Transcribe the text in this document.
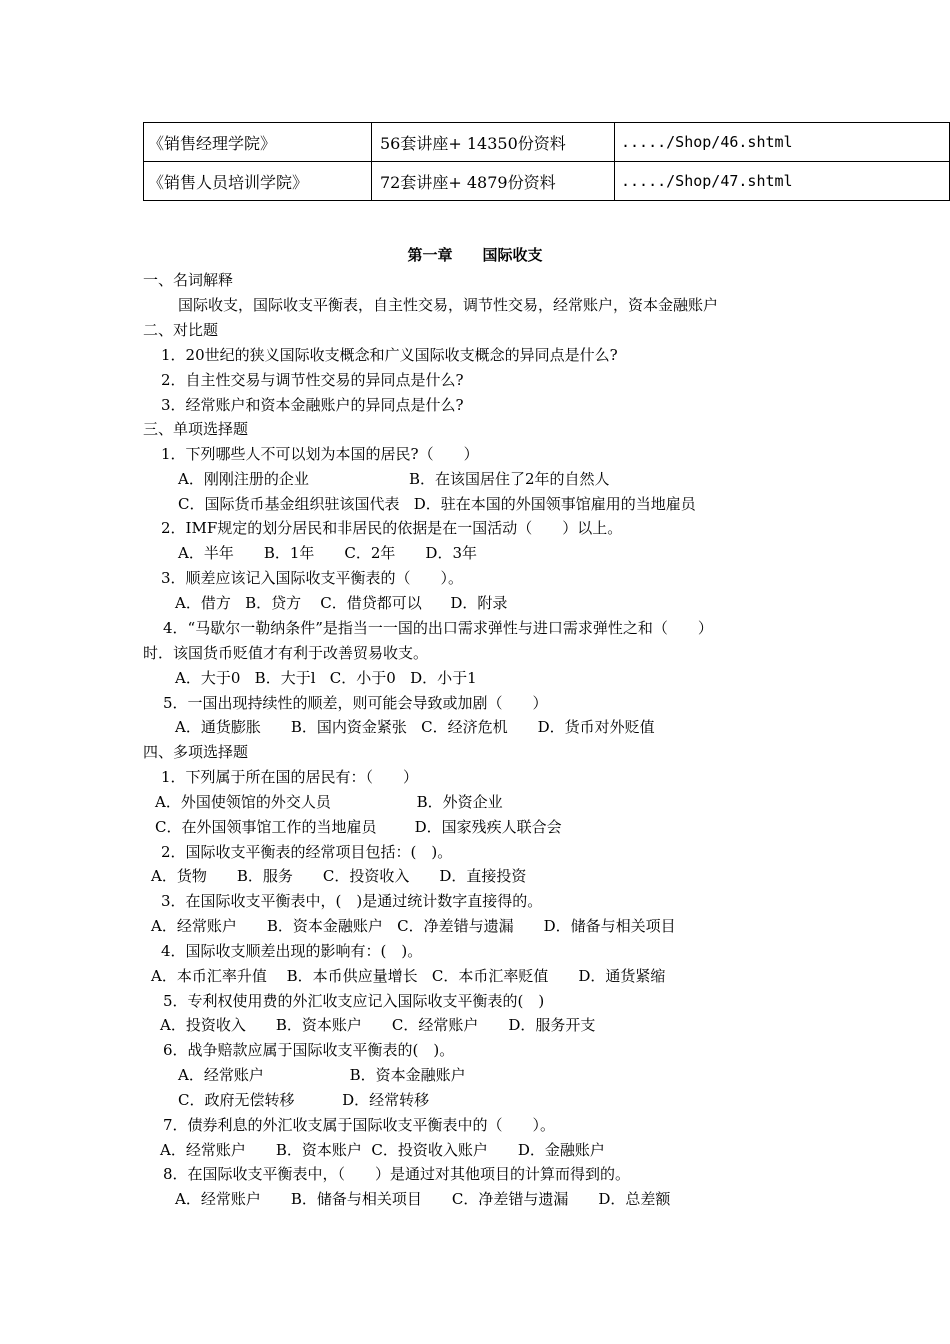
《销售经理学院》	56套讲座+ 14350份资料	...../Shop/46.shtml
《销售人员培训学院》	72套讲座+ 4879份资料	...../Shop/47.shtml
第一章　　国际收支
一、名词解释
国际收支，国际收支平衡表，自主性交易，调节性交易，经常账户，资本金融账户
二、对比题
1．20世纪的狭义国际收支概念和广义国际收支概念的异同点是什么?
2．自主性交易与调节性交易的异同点是什么?
3．经常账户和资本金融账户的异同点是什么?
三、单项选择题
1．下列哪些人不可以划为本国的居民?（　　）
A．刚刚注册的企业                     B．在该国居住了2年的自然人
C．国际货币基金组织驻该国代表   D．驻在本国的外国领事馆雇用的当地雇员
2．IMF规定的划分居民和非居民的依据是在一国活动（　　）以上。
A．半年　　B．1年　　C．2年　　D．3年
3．顺差应该记入国际收支平衡表的（　　）。
A．借方   B．贷方    C．借贷都可以      D．附录
4．“马歇尔一勒纳条件”是指当一一国的出口需求弹性与进口需求弹性之和（　　）
时．该国货币贬值才有利于改善贸易收支。
A．大于0   B．大于l   C．小于0   D．小于1
5．一国出现持续性的顺差，则可能会导致或加剧（　　）
A．通货膨胀　　B．国内资金紧张   C．经济危机　　D．货币对外贬值
四、多项选择题
1．下列属于所在国的居民有：（　　）
A．外国使领馆的外交人员                  B．外资企业
C．在外国领事馆工作的当地雇员        D．国家残疾人联合会
2．国际收支平衡表的经常项目包括：(　)。
A．货物　　B．服务　　C．投资收入　　D．直接投资
3．在国际收支平衡表中，(　)是通过统计数字直接得的。
A．经常账户　　B．资本金融账户   C．净差错与遗漏　　D．储备与相关项目
4．国际收支顺差出现的影响有：(　)。
A．本币汇率升值　 B．本币供应量增长   C．本币汇率贬值　　D．通货紧缩
5．专利权使用费的外汇收支应记入国际收支平衡表的(　)
A．投资收入　　B．资本账户　　C．经常账户　　D．服务开支
6．战争赔款应属于国际收支平衡表的(　)。
A．经常账户                  B．资本金融账户
C．政府无偿转移          D．经常转移
7．债券利息的外汇收支属于国际收支平衡表中的（　　）。
A．经常账户　　B．资本账户  C．投资收入账户　　D．金融账户
8．在国际收支平衡表中，（　　）是通过对其他项目的计算而得到的。
A．经常账户　　B．储备与相关项目　　C．净差错与遗漏　　D．总差额
